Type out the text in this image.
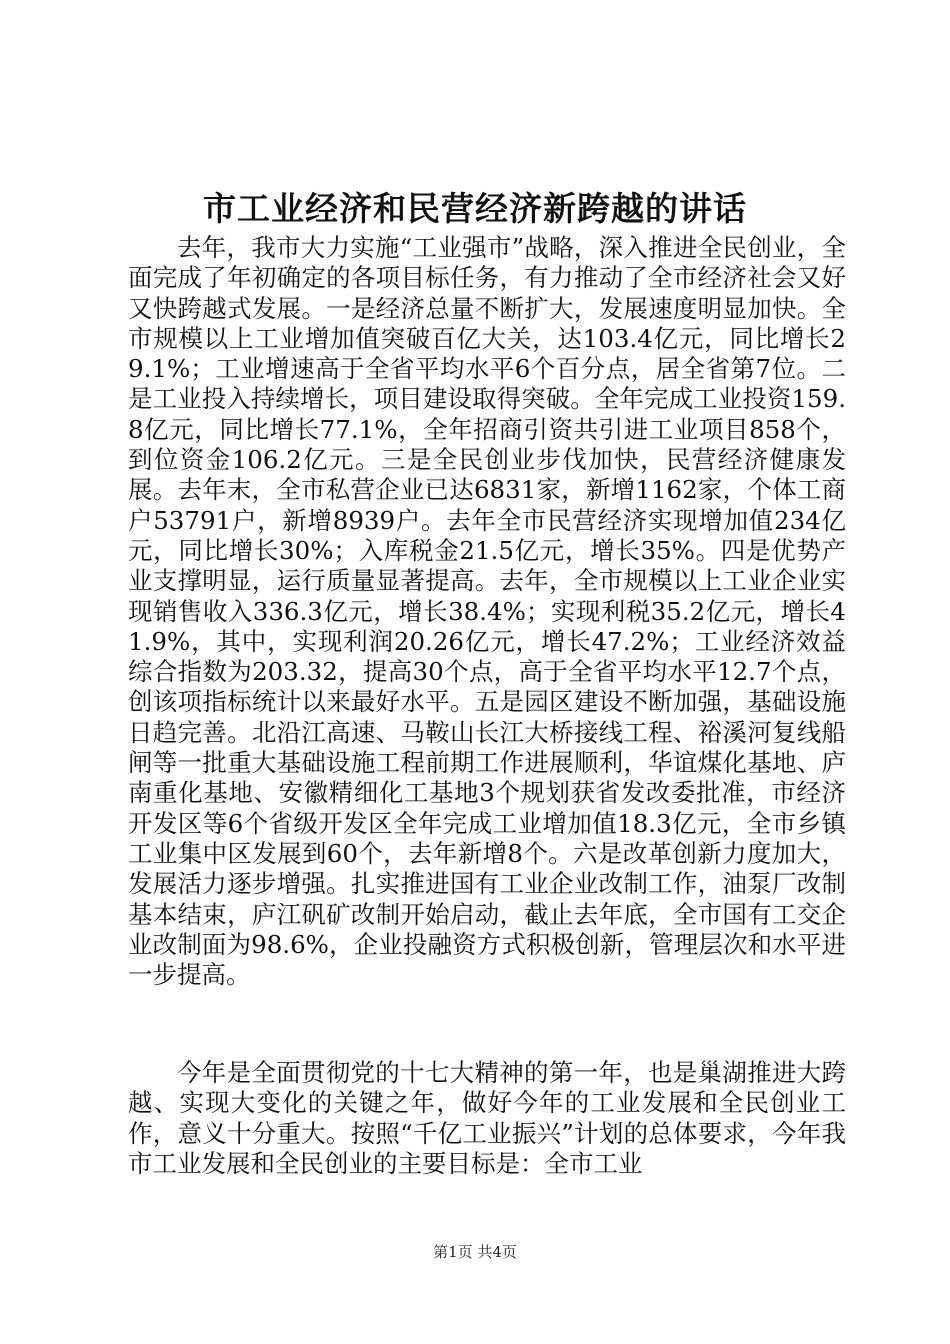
市工业经济和民营经济新跨越的讲话

去年，我市大力实施“工业强市”战略，深入推进全民创业，全面完成了年初确定的各项目标任务，有力推动了全市经济社会又好又快跨越式发展。一是经济总量不断扩大，发展速度明显加快。全市规模以上工业增加值突破百亿大关，达103.4亿元，同比增长29.1%；工业增速高于全省平均水平6个百分点，居全省第7位。二是工业投入持续增长，项目建设取得突破。全年完成工业投资159.8亿元，同比增长77.1%，全年招商引资共引进工业项目858个，到位资金106.2亿元。三是全民创业步伐加快，民营经济健康发展。去年末，全市私营企业已达6831家，新增1162家，个体工商户53791户，新增8939户。去年全市民营经济实现增加值234亿元，同比增长30%；入库税金21.5亿元，增长35%。四是优势产业支撑明显，运行质量显著提高。去年，全市规模以上工业企业实现销售收入336.3亿元，增长38.4%；实现利税35.2亿元，增长41.9%，其中，实现利润20.26亿元，增长47.2%；工业经济效益综合指数为203.32，提高30个点，高于全省平均水平12.7个点，创该项指标统计以来最好水平。五是园区建设不断加强，基础设施日趋完善。北沿江高速、马鞍山长江大桥接线工程、裕溪河复线船闸等一批重大基础设施工程前期工作进展顺利，华谊煤化基地、庐南重化基地、安徽精细化工基地3个规划获省发改委批准，市经济开发区等6个省级开发区全年完成工业增加值18.3亿元，全市乡镇工业集中区发展到60个，去年新增8个。六是改革创新力度加大，发展活力逐步增强。扎实推进国有工业企业改制工作，油泵厂改制基本结束，庐江矾矿改制开始启动，截止去年底，全市国有工交企业改制面为98.6%，企业投融资方式积极创新，管理层次和水平进一步提高。

今年是全面贯彻党的十七大精神的第一年，也是巢湖推进大跨越、实现大变化的关键之年，做好今年的工业发展和全民创业工作，意义十分重大。按照“千亿工业振兴”计划的总体要求，今年我市工业发展和全民创业的主要目标是：全市工业

第1页 共4页
